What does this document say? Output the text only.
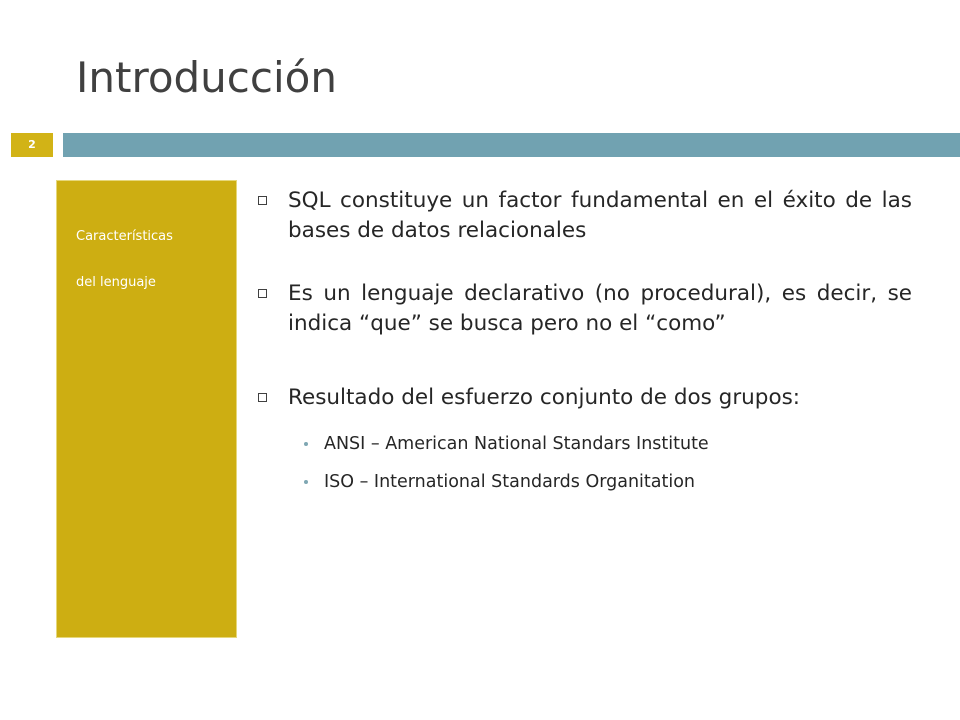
Introducción
2
Características
del lenguaje
SQL constituye un factor fundamental en el éxito de las bases de datos relacionales
Es un lenguaje declarativo (no procedural), es decir, se indica “que” se busca pero no el “como”
Resultado del esfuerzo conjunto de dos grupos:
ANSI – American National Standars Institute
ISO – International Standards Organitation
